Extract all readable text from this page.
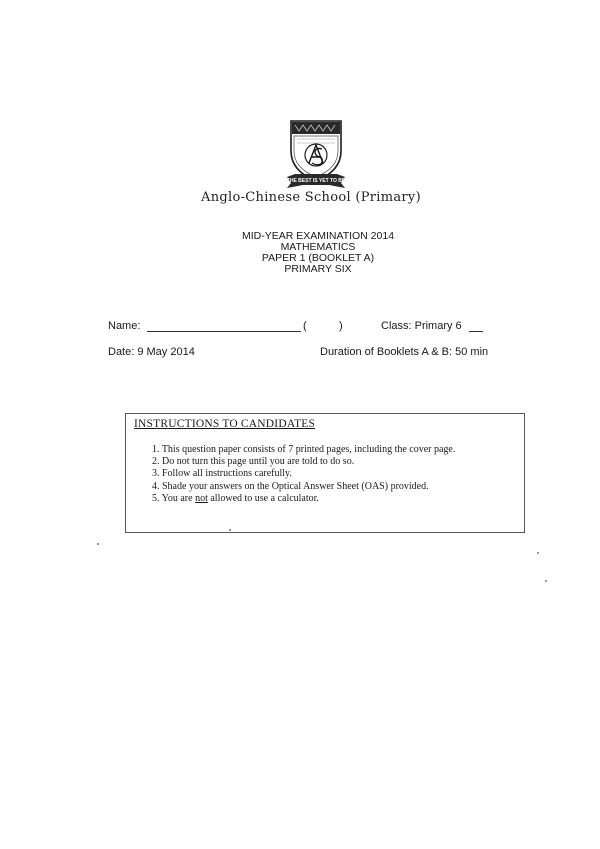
THE BEST IS YET TO BE
Anglo-Chinese School (Primary)
MID-YEAR EXAMINATION 2014
MATHEMATICS
PAPER 1 (BOOKLET A)
PRIMARY SIX
Name:	(	)	Class: Primary 6
Date: 9 May 2014	Duration of Booklets A & B: 50 min
INSTRUCTIONS TO CANDIDATES
1. This question paper consists of 7 printed pages, including the cover page.
2. Do not turn this page until you are told to do so.
3. Follow all instructions carefully.
4. Shade your answers on the Optical Answer Sheet (OAS) provided.
5. You are not allowed to use a calculator.
